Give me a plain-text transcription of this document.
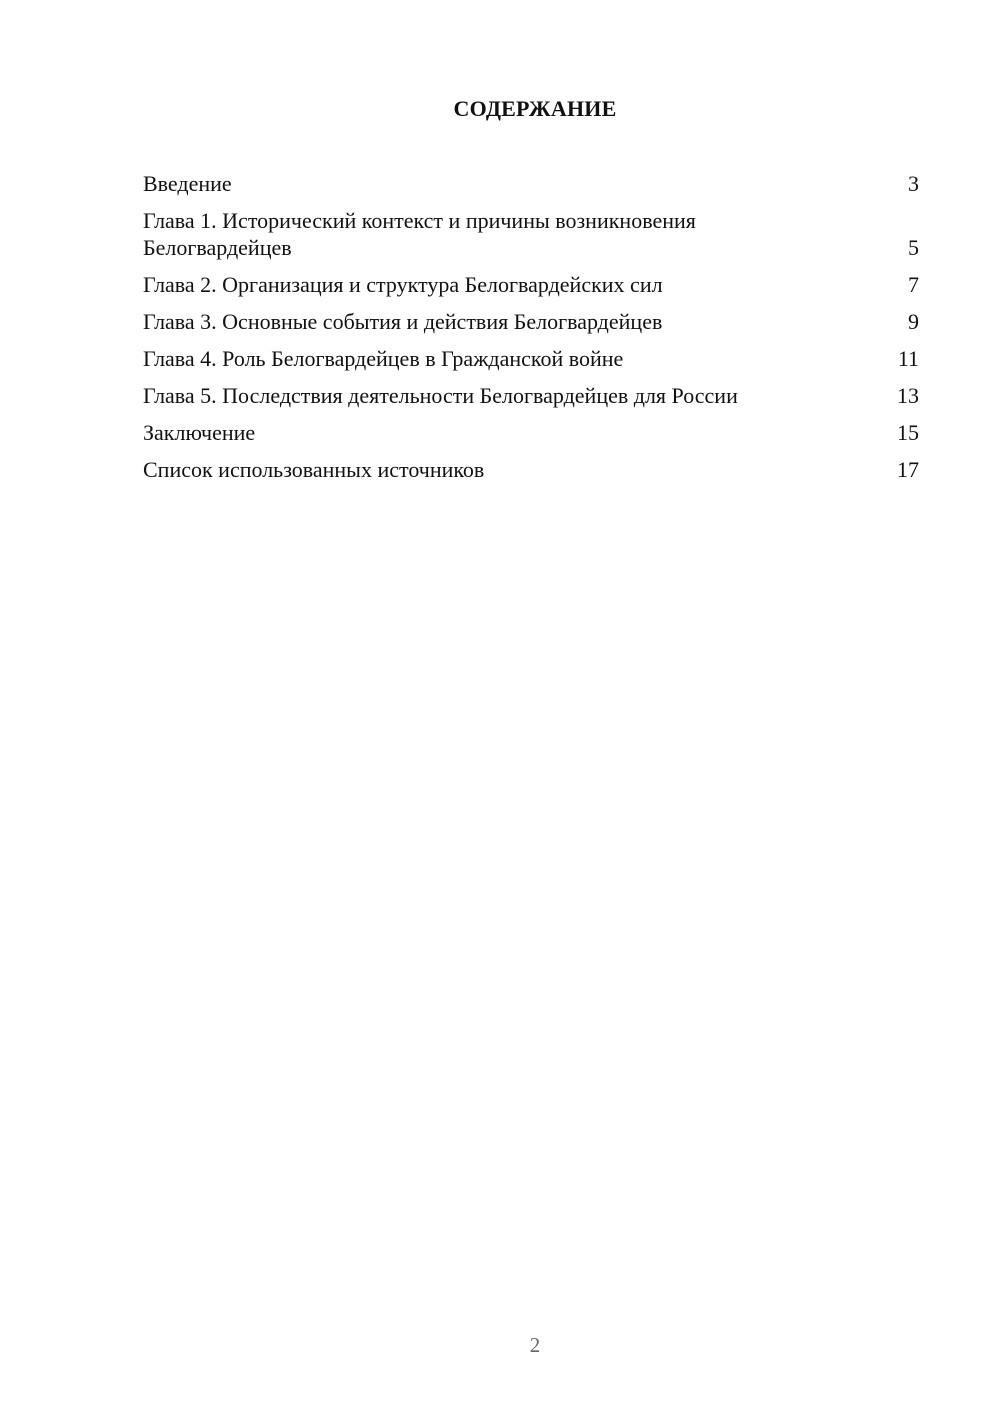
СОДЕРЖАНИЕ
Введение	3
Глава 1. Исторический контекст и причины возникновения Белогвардейцев	5
Глава 2. Организация и структура Белогвардейских сил	7
Глава 3. Основные события и действия Белогвардейцев	9
Глава 4. Роль Белогвардейцев в Гражданской войне	11
Глава 5. Последствия деятельности Белогвардейцев для России	13
Заключение	15
Список использованных источников	17
2
